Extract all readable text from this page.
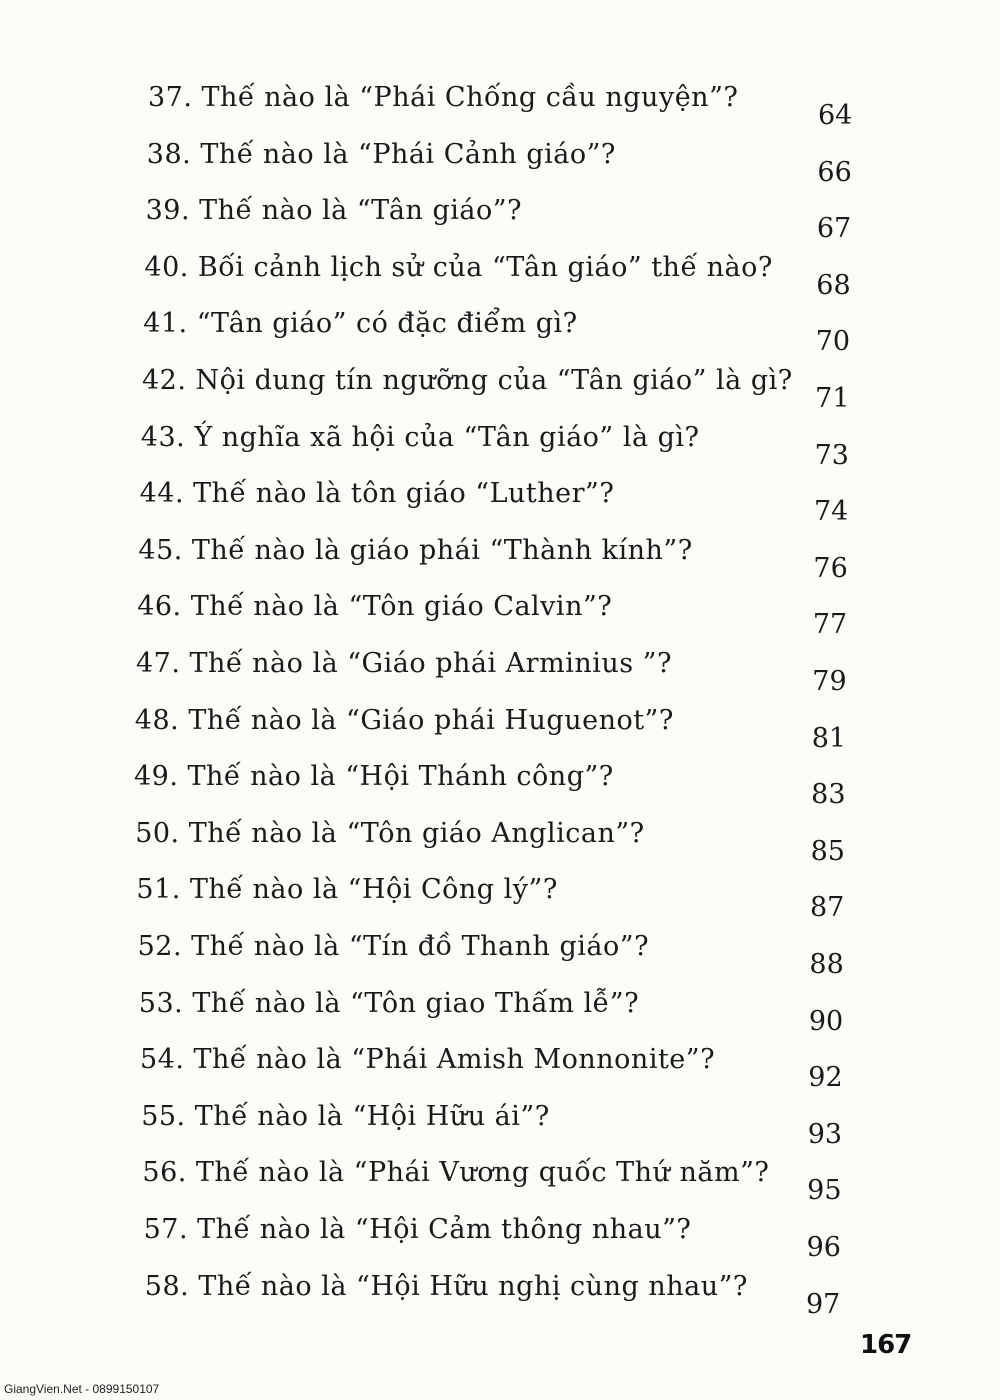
37. Thế nào là “Phái Chống cầu nguyện”?
64
38. Thế nào là “Phái Cảnh giáo”?
66
39. Thế nào là “Tân giáo”?
67
40. Bối cảnh lịch sử của “Tân giáo” thế nào?
68
41. “Tân giáo” có đặc điểm gì?
70
42. Nội dung tín ngưỡng của “Tân giáo” là gì?
71
43. Ý nghĩa xã hội của “Tân giáo” là gì?
73
44. Thế nào là tôn giáo “Luther”?
74
45. Thế nào là giáo phái “Thành kính”?
76
46. Thế nào là “Tôn giáo Calvin”?
77
47. Thế nào là “Giáo phái Arminius ”?
79
48. Thế nào là “Giáo phái Huguenot”?
81
49. Thế nào là “Hội Thánh công”?
83
50. Thế nào là “Tôn giáo Anglican”?
85
51. Thế nào là “Hội Công lý”?
87
52. Thế nào là “Tín đồ Thanh giáo”?
88
53. Thế nào là “Tôn giao Thấm lễ”?
90
54. Thế nào là “Phái Amish Monnonite”?
92
55. Thế nào là “Hội Hữu ái”?
93
56. Thế nào là “Phái Vương quốc Thứ năm”?
95
57. Thế nào là “Hội Cảm thông nhau”?
96
58. Thế nào là “Hội Hữu nghị cùng nhau”?
97
167
GiangVien.Net - 0899150107
